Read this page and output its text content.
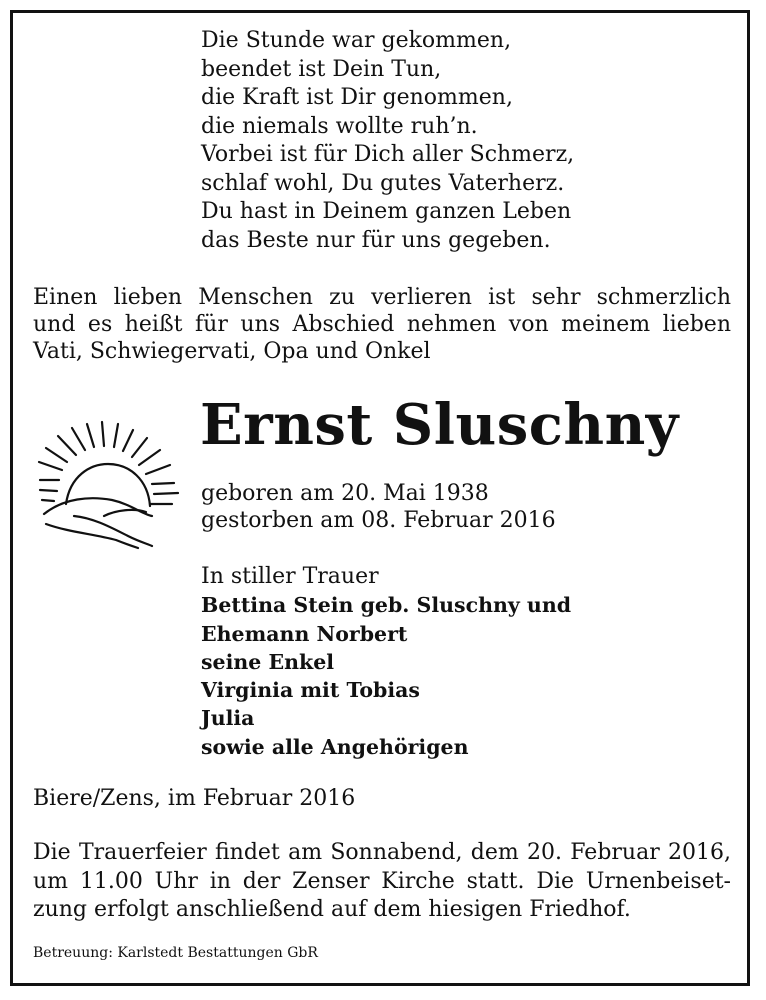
Die Stunde war gekommen,
beendet ist Dein Tun,
die Kraft ist Dir genommen,
die niemals wollte ruh’n.
Vorbei ist für Dich aller Schmerz,
schlaf wohl, Du gutes Vaterherz.
Du hast in Deinem ganzen Leben
das Beste nur für uns gegeben.
Einen lieben Menschen zu verlieren ist sehr schmerzlich
und es heißt für uns Abschied nehmen von meinem lieben
Vati, Schwiegervati, Opa und Onkel
Ernst Sluschny
geboren am 20. Mai 1938
gestorben am 08. Februar 2016
In stiller Trauer
Bettina Stein geb. Sluschny und
Ehemann Norbert
seine Enkel
Virginia mit Tobias
Julia
sowie alle Angehörigen
Biere/Zens, im Februar 2016
Die Trauerfeier findet am Sonnabend, dem 20. Februar 2016,
um 11.00 Uhr in der Zenser Kirche statt. Die Urnenbeiset-
zung erfolgt anschließend auf dem hiesigen Friedhof.
Betreuung: Karlstedt Bestattungen GbR
